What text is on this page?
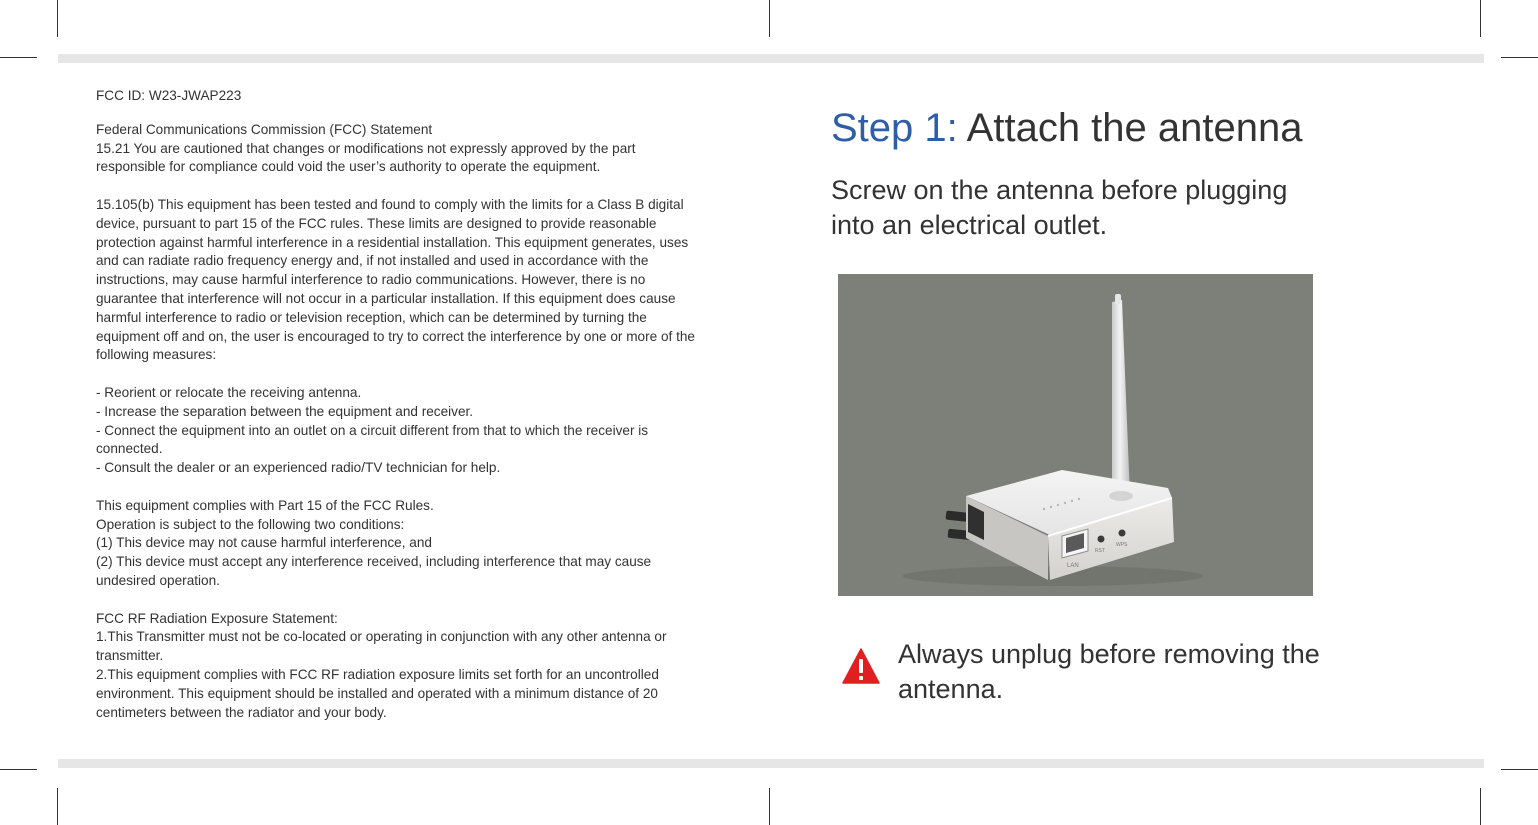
FCC ID: W23-JWAP223

Federal Communications Commission (FCC) Statement

15.21 You are cautioned that changes or modifications not expressly approved by the part responsible for compliance could void the user’s authority to operate the equipment.

15.105(b) This equipment has been tested and found to comply with the limits for a Class B digital device, pursuant to part 15 of the FCC rules. These limits are designed to provide reasonable protection against harmful interference in a residential installation. This equipment generates, uses and can radiate radio frequency energy and, if not installed and used in accordance with the instructions, may cause harmful interference to radio communications. However, there is no guarantee that interference will not occur in a particular installation. If this equipment does cause harmful interference to radio or television reception, which can be determined by turning the equipment off and on, the user is encouraged to try to correct the interference by one or more of the following measures:

- Reorient or relocate the receiving antenna.

- Increase the separation between the equipment and receiver.

- Connect the equipment into an outlet on a circuit different from that to which the receiver is connected.

- Consult the dealer or an experienced radio/TV technician for help.

This equipment complies with Part 15 of the FCC Rules.

Operation is subject to the following two conditions:

(1) This device may not cause harmful interference, and

(2) This device must accept any interference received, including interference that may cause undesired operation.

FCC RF Radiation Exposure Statement:

1.This Transmitter must not be co-located or operating in conjunction with any other antenna or transmitter.

2.This equipment complies with FCC RF radiation exposure limits set forth for an uncontrolled environment. This equipment should be installed and operated with a minimum distance of 20 centimeters between the radiator and your body.

Step 1: Attach the antenna

Screw on the antenna before plugging into an electrical outlet.

LAN
RST
WPS

Always unplug before removing the antenna.
